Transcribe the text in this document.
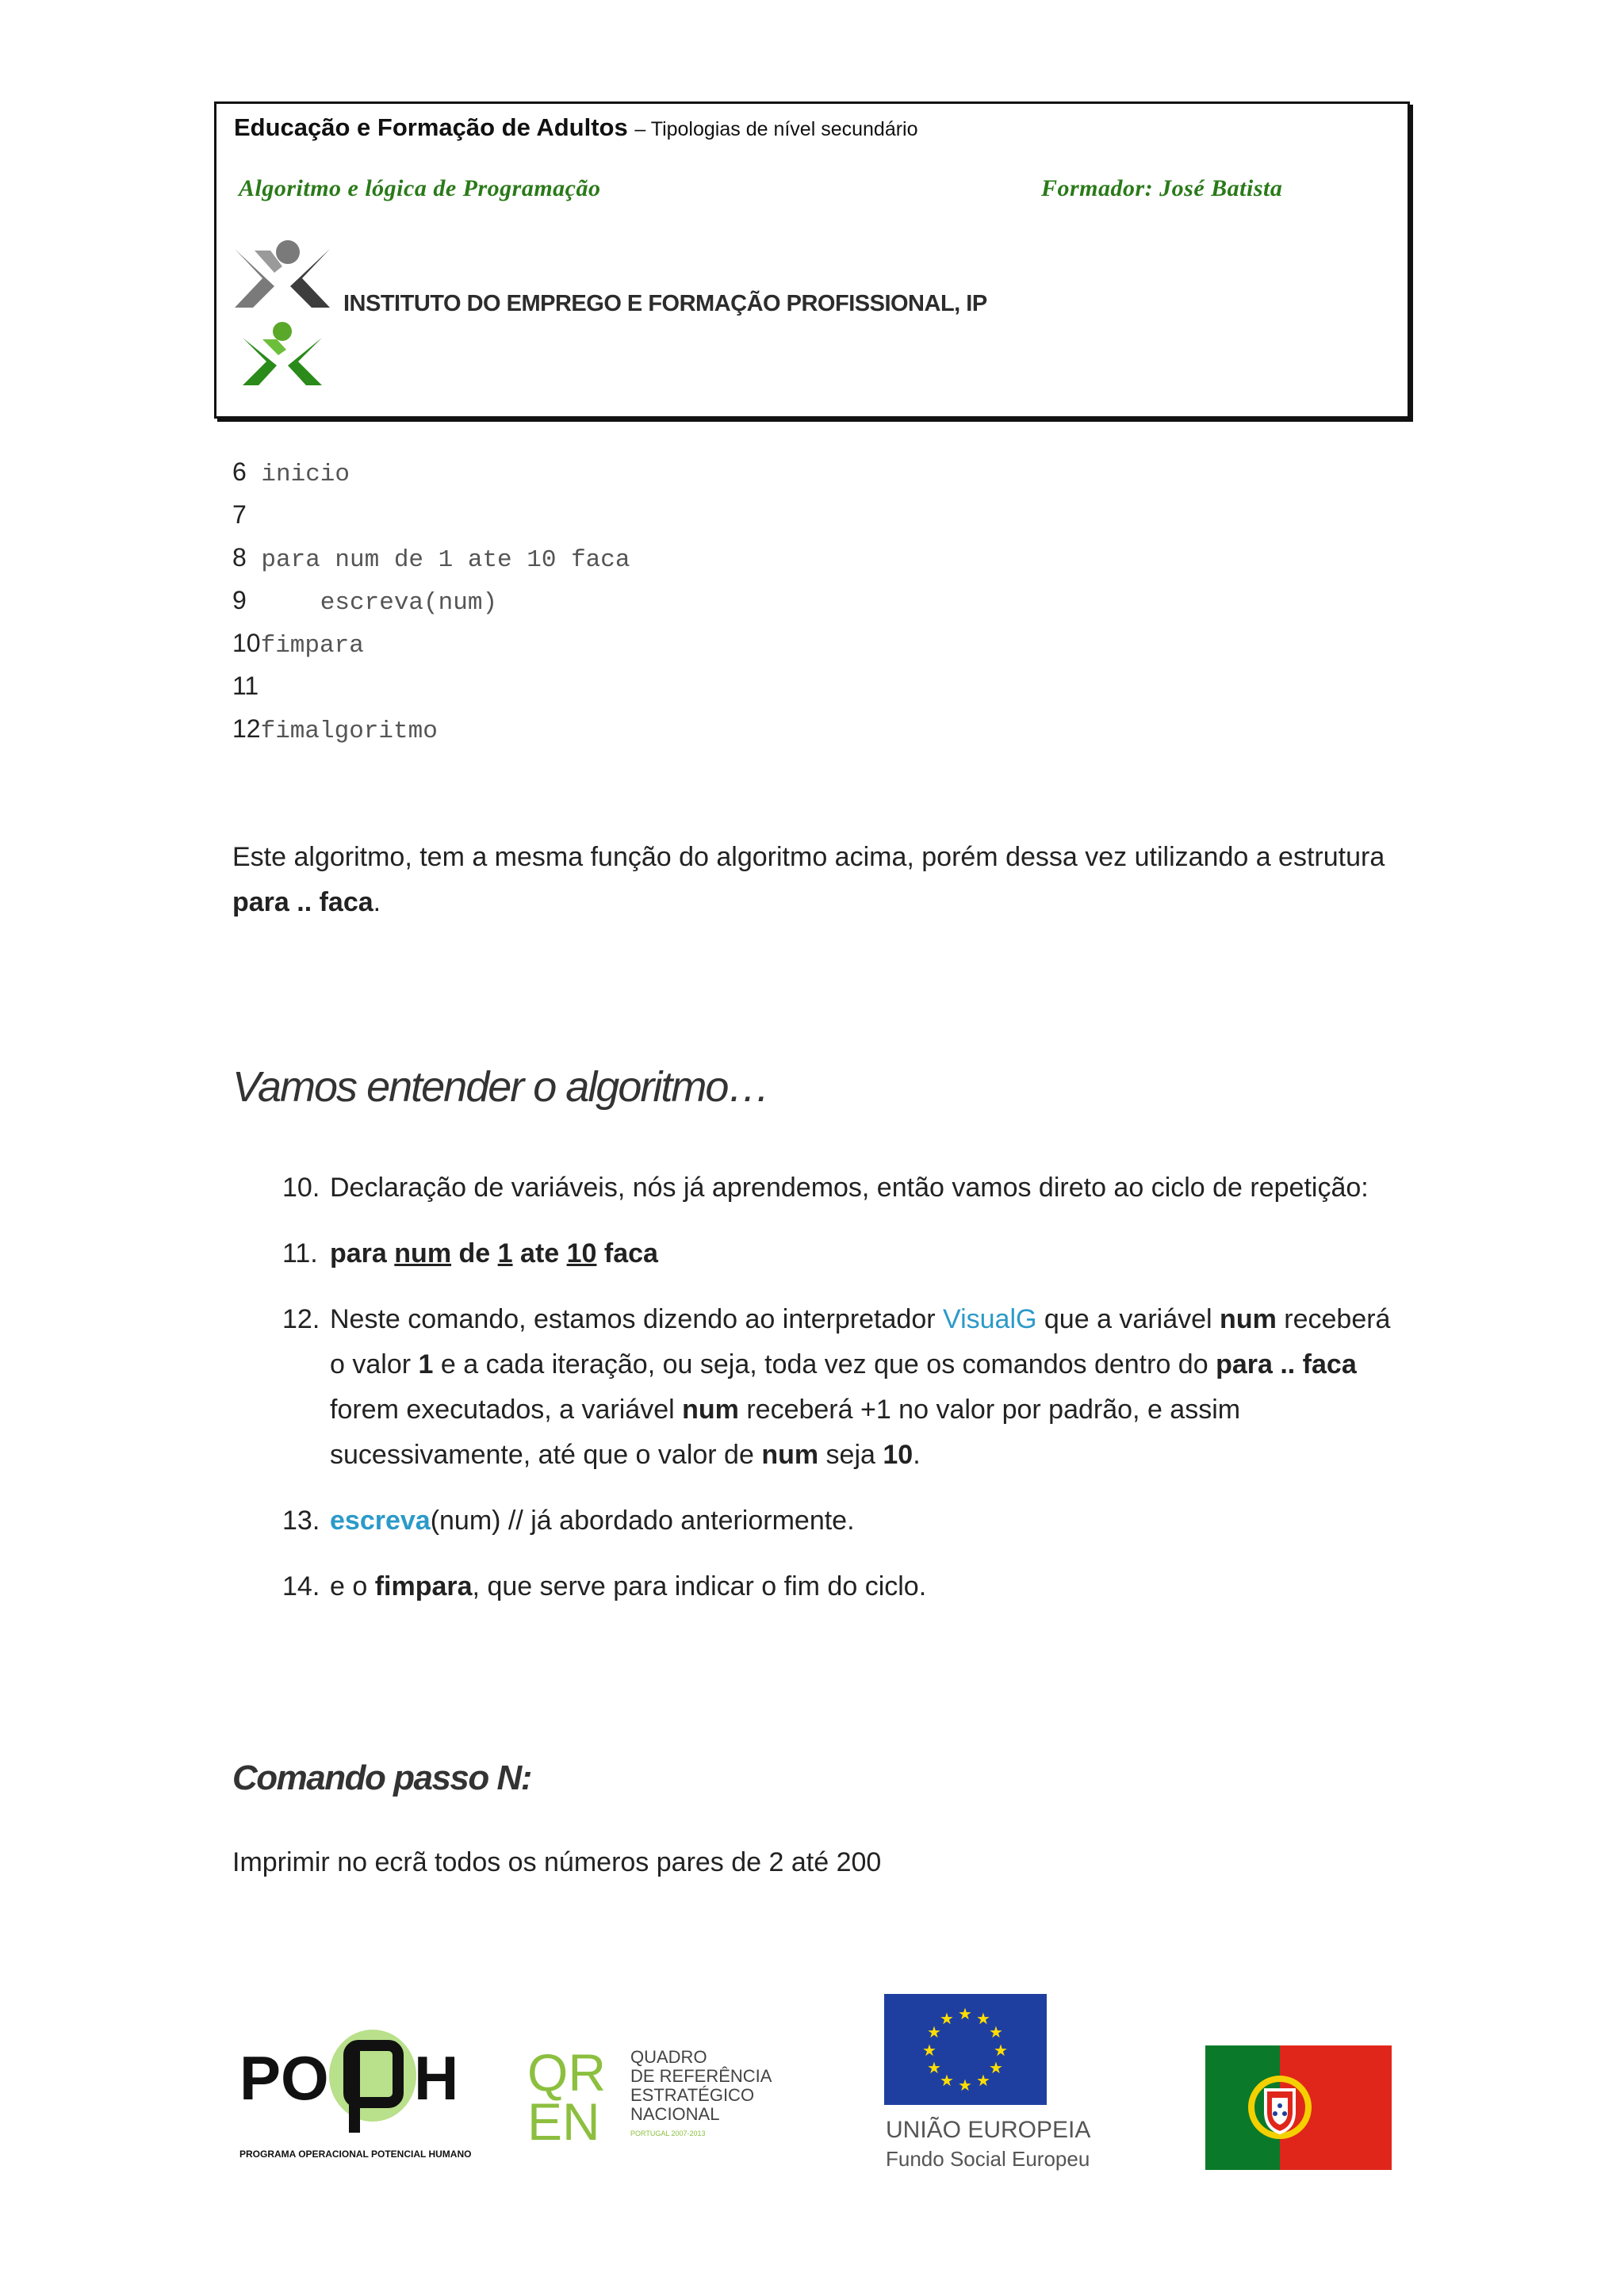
Educação e Formação de Adultos – Tipologias de nível secundário
Algoritmo e lógica de Programação	Formador: José Batista
INSTITUTO DO EMPREGO E FORMAÇÃO PROFISSIONAL, IP
6 inicio
7
8 para num de 1 ate 10 faca
9     escreva(num)
10fimpara
11
12fimalgoritmo
Este algoritmo, tem a mesma função do algoritmo acima, porém dessa vez utilizando a estrutura para .. faca.
Vamos entender o algoritmo…
10. Declaração de variáveis, nós já aprendemos, então vamos direto ao ciclo de repetição:
11. para num de 1 ate 10 faca
12. Neste comando, estamos dizendo ao interpretador VisualG que a variável num receberá o valor 1 e a cada iteração, ou seja, toda vez que os comandos dentro do para .. faca forem executados, a variável num receberá +1 no valor por padrão, e assim sucessivamente, até que o valor de num seja 10.
13. escreva(num) // já abordado anteriormente.
14. e o fimpara, que serve para indicar o fim do ciclo.
Comando passo N:
Imprimir no ecrã todos os números pares de 2 até 200
PO H
PROGRAMA OPERACIONAL POTENCIAL HUMANO
QR
EN
QUADRO
DE REFERÊNCIA
ESTRATÉGICO
NACIONAL
PORTUGAL 2007-2013
★ ★
★
★
★
★
★
★
★
★
★
★
UNIÃO EUROPEIA
Fundo Social Europeu
